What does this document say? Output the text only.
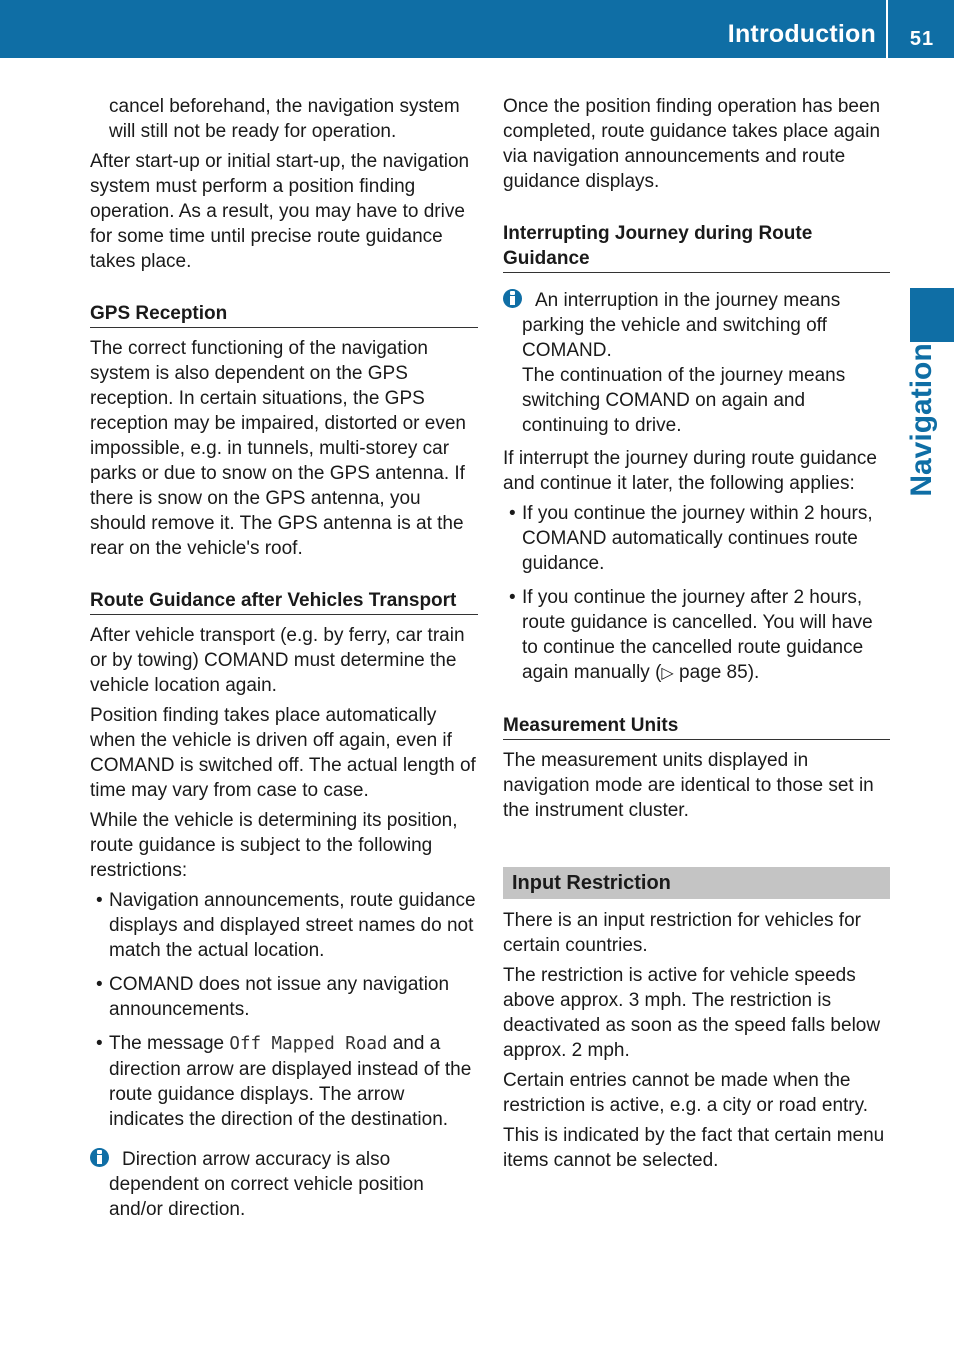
Introduction	51
Navigation

cancel beforehand, the navigation system will still not be ready for operation.

After start-up or initial start-up, the navigation system must perform a position finding operation. As a result, you may have to drive for some time until precise route guidance takes place.

GPS Reception

The correct functioning of the navigation system is also dependent on the GPS reception. In certain situations, the GPS reception may be impaired, distorted or even impossible, e.g. in tunnels, multi-storey car parks or due to snow on the GPS antenna. If there is snow on the GPS antenna, you should remove it. The GPS antenna is at the rear on the vehicle's roof.

Route Guidance after Vehicles Transport

After vehicle transport (e.g. by ferry, car train or by towing) COMAND must determine the vehicle location again.

Position finding takes place automatically when the vehicle is driven off again, even if COMAND is switched off. The actual length of time may vary from case to case.

While the vehicle is determining its position, route guidance is subject to the following restrictions:

• Navigation announcements, route guidance displays and displayed street names do not match the actual location.
• COMAND does not issue any navigation announcements.
• The message Off Mapped Road and a direction arrow are displayed instead of the route guidance displays. The arrow indicates the direction of the destination.
Direction arrow accuracy is also dependent on correct vehicle position and/or direction.

Once the position finding operation has been completed, route guidance takes place again via navigation announcements and route guidance displays.

Interrupting Journey during Route Guidance
An interruption in the journey means parking the vehicle and switching off COMAND.
The continuation of the journey means switching COMAND on again and continuing to drive.

If interrupt the journey during route guidance and continue it later, the following applies:

• If you continue the journey within 2 hours, COMAND automatically continues route guidance.
• If you continue the journey after 2 hours, route guidance is cancelled. You will have to continue the cancelled route guidance again manually (▷ page 85).
Measurement Units

The measurement units displayed in navigation mode are identical to those set in the instrument cluster.

Input Restriction

There is an input restriction for vehicles for certain countries.

The restriction is active for vehicle speeds above approx. 3 mph. The restriction is deactivated as soon as the speed falls below approx. 2 mph.

Certain entries cannot be made when the restriction is active, e.g. a city or road entry.

This is indicated by the fact that certain menu items cannot be selected.
